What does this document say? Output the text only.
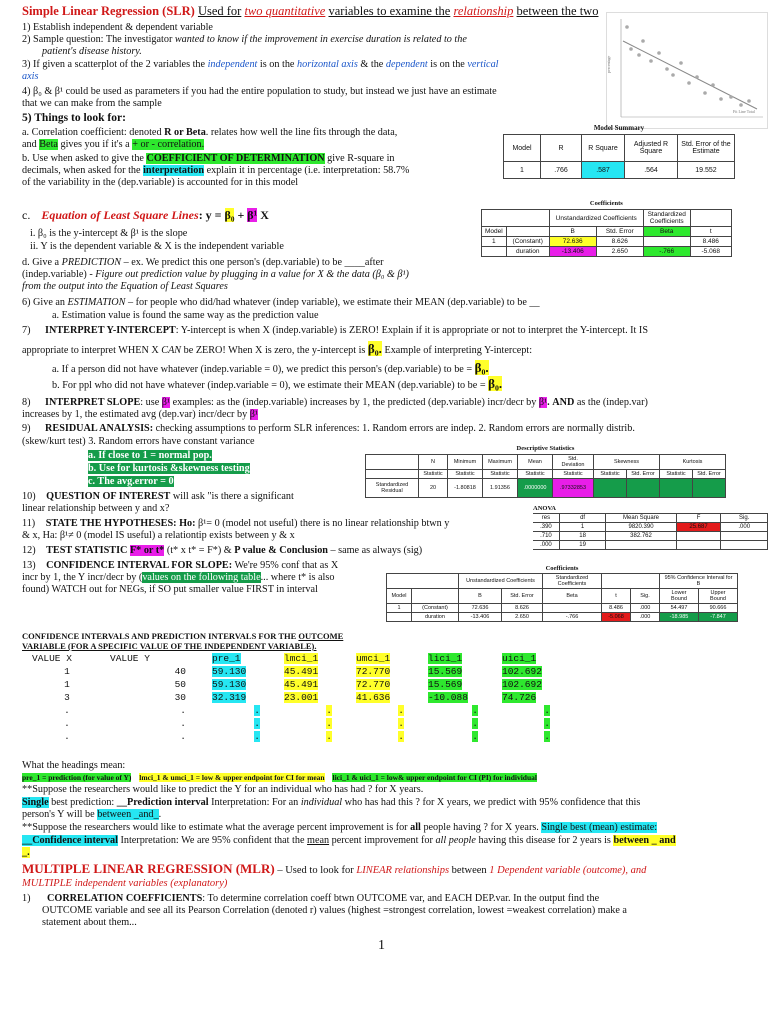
Simple Linear Regression (SLR) Used for two quantitative variables to examine the relationship between the two
percentage
Fit Line Total
1) Establish independent & dependent variable
2) Sample question: The investigator wanted to know if the improvement in exercise duration is related to the
patient's disease history.
3) If given a scatterplot of the 2 variables the independent is on the horizontal axis & the dependent is on the vertical
axis
4) β₀ & β¹ could be used as parameters if you had the entire population to study, but instead we just have an estimate
that we can make from the sample
5) Things to look for:
a. Correlation coefficient: denoted R or Beta. relates how well the line fits through the data,
and Beta gives you if it's a + or - correlation.
b. Use when asked to give the COEFFICIENT OF DETERMINATION give R-square in
decimals, when asked for the interpretation explain it in percentage (i.e. interpretation: 58.7%
of the variability in the (dep.variable) is accounted for in this model
Model Summary
Model	R	R Square	Adjusted R Square	Std. Error of the Estimate
1	.766	.587	.564	19.552
c. Equation of Least Square Lines: y = β₀ + β¹ X
i. β₀ is the y-intercept & β¹ is the slope
ii. Y is the dependent variable & X is the independent variable
Coefficients
		Unstandardized Coefficients		Standardized Coefficients	
Model		B	Std. Error	Beta	t
1	(Constant)	72.636	8.626		8.486
	duration	-13.406	2.650	-.766	-5.068
d. Give a PREDICTION – ex. We predict this one person's (dep.variable) to be ____after
(indep.variable) - Figure out prediction value by plugging in a value for X & the data (β₀ & β¹)
from the output into the Equation of Least Squares
6) Give an ESTIMATION – for people who did/had whatever (indep variable), we estimate their MEAN (dep.variable) to be __
a. Estimation value is found the same way as the prediction value
7) INTERPRET Y-INTERCEPT: Y-intercept is when X (indep.variable) is ZERO! Explain if it is appropriate or not to interpret the Y-intercept. It IS
appropriate to interpret WHEN X CAN be ZERO! When X is zero, the y-intercept is β₀. Example of interpreting Y-intercept:
a. If a person did not have whatever (indep.variable = 0), we predict this person's (dep.variable) to be = β₀.
b. For ppl who did not have whatever (indep.variable = 0), we estimate their MEAN (dep.variable) to be = β₀.
8) INTERPRET SLOPE: use β¹ examples: as the (indep.variable) increases by 1, the predicted (dep.variable) incr/decr by β¹. AND as the (indep.var)
increases by 1, the estimated avg (dep.var) incr/decr by β¹
9) RESIDUAL ANALYSIS: checking assumptions to perform SLR inferences: 1. Random errors are indep. 2. Random errors are normally distrib.
(skew/kurt test) 3. Random errors have constant variance
a. If close to 1 = normal pop.
b. Use for kurtosis &skewness testing
c. The avg.error = 0
Descriptive Statistics
	N	Minimum	Maximum	Mean	Std. Deviation	Skewness		Kurtosis	
	Statistic	Statistic	Statistic	Statistic	Statistic	Statistic	Std. Error	Statistic	Std. Error
Standardized Residual	20	-1.80818	1.91356	.0000000	.97332853				
10) QUESTION OF INTEREST will ask "is there a significant
linear relationship between y and x?
11) STATE THE HYPOTHESES: Ho: β¹= 0 (model not useful) there is no linear relationship btwn y
& x, Ha: β¹≠ 0 (model IS useful) a relationtip exists between y & x
12) TEST STATISTIC F* or t* (t* x t* = F*) & P value & Conclusion – same as always (sig)
13) CONFIDENCE INTERVAL FOR SLOPE: We're 95% conf that as X
incr by 1, the Y incr/decr by (values on the following table... where t* is also
found) WATCH out for NEGs, if SO put smaller value FIRST in interval
ANOVA
res	df	Mean Square	F	Sig.
.390	1	9820.390	25.687	.000
.710	18	382.762		
.000	19			
Coefficients
		Unstandardized Coefficients		Standardized Coefficients			95% Confidence Interval for B	
Model		B	Std. Error	Beta	t	Sig.	Lower Bound	Upper Bound
1	(Constant)	72.636	8.626		8.486	.000	54.497	90.666
	duration	-13.406	2.650	-.766	-5.068	.000	-18.985	-7.847
CONFIDENCE INTERVALS AND PREDICTION INTERVALS FOR THE OUTCOME
VARIABLE (FOR A SPECIFIC VALUE OF THE INDEPENDENT VARIABLE).
VALUE X	VALUE Y	pre_1	lmci_1	umci_1	lici_1	uici_1
1	40	59.130	45.491	72.770	15.569	102.692
1	50	59.130	45.491	72.770	15.569	102.692
3	30	32.319	23.001	41.636	-10.088	74.726
.	.	.	.	.	.	.
.	.	.	.	.	.	.
.	.	.	.	.	.	.
What the headings mean:
pre_1 = prediction (for value of Y) lmci_1 & umci_1 = low & upper endpoint for CI for mean lici_1 & uici_1 = low& upper endpoint for CI (PI) for individual
**Suppose the researchers would like to predict the Y for an individual who has had ? for X years.
Single best prediction: __Prediction interval Interpretation: For an individual who has had this ? for X years, we predict with 95% confidence that this
person's Y will be between _and_.
**Suppose the researchers would like to estimate what the average percent improvement is for all people having ? for X years. Single best (mean) estimate:
__Confidence interval Interpretation: We are 95% confident that the mean percent improvement for all people having this disease for 2 years is between _ and
_.
MULTIPLE LINEAR REGRESSION (MLR) – Used to look for LINEAR relationships between 1 Dependent variable (outcome), and
MULTIPLE independent variables (explanatory)
1) CORRELATION COEFFICIENTS: To determine correlation coeff btwn OUTCOME var, and EACH DEP.var. In the output find the
OUTCOME variable and see all its Pearson Correlation (denoted r) values (highest =strongest correlation, lowest =weakest correlation) make a
statement about them...
1
